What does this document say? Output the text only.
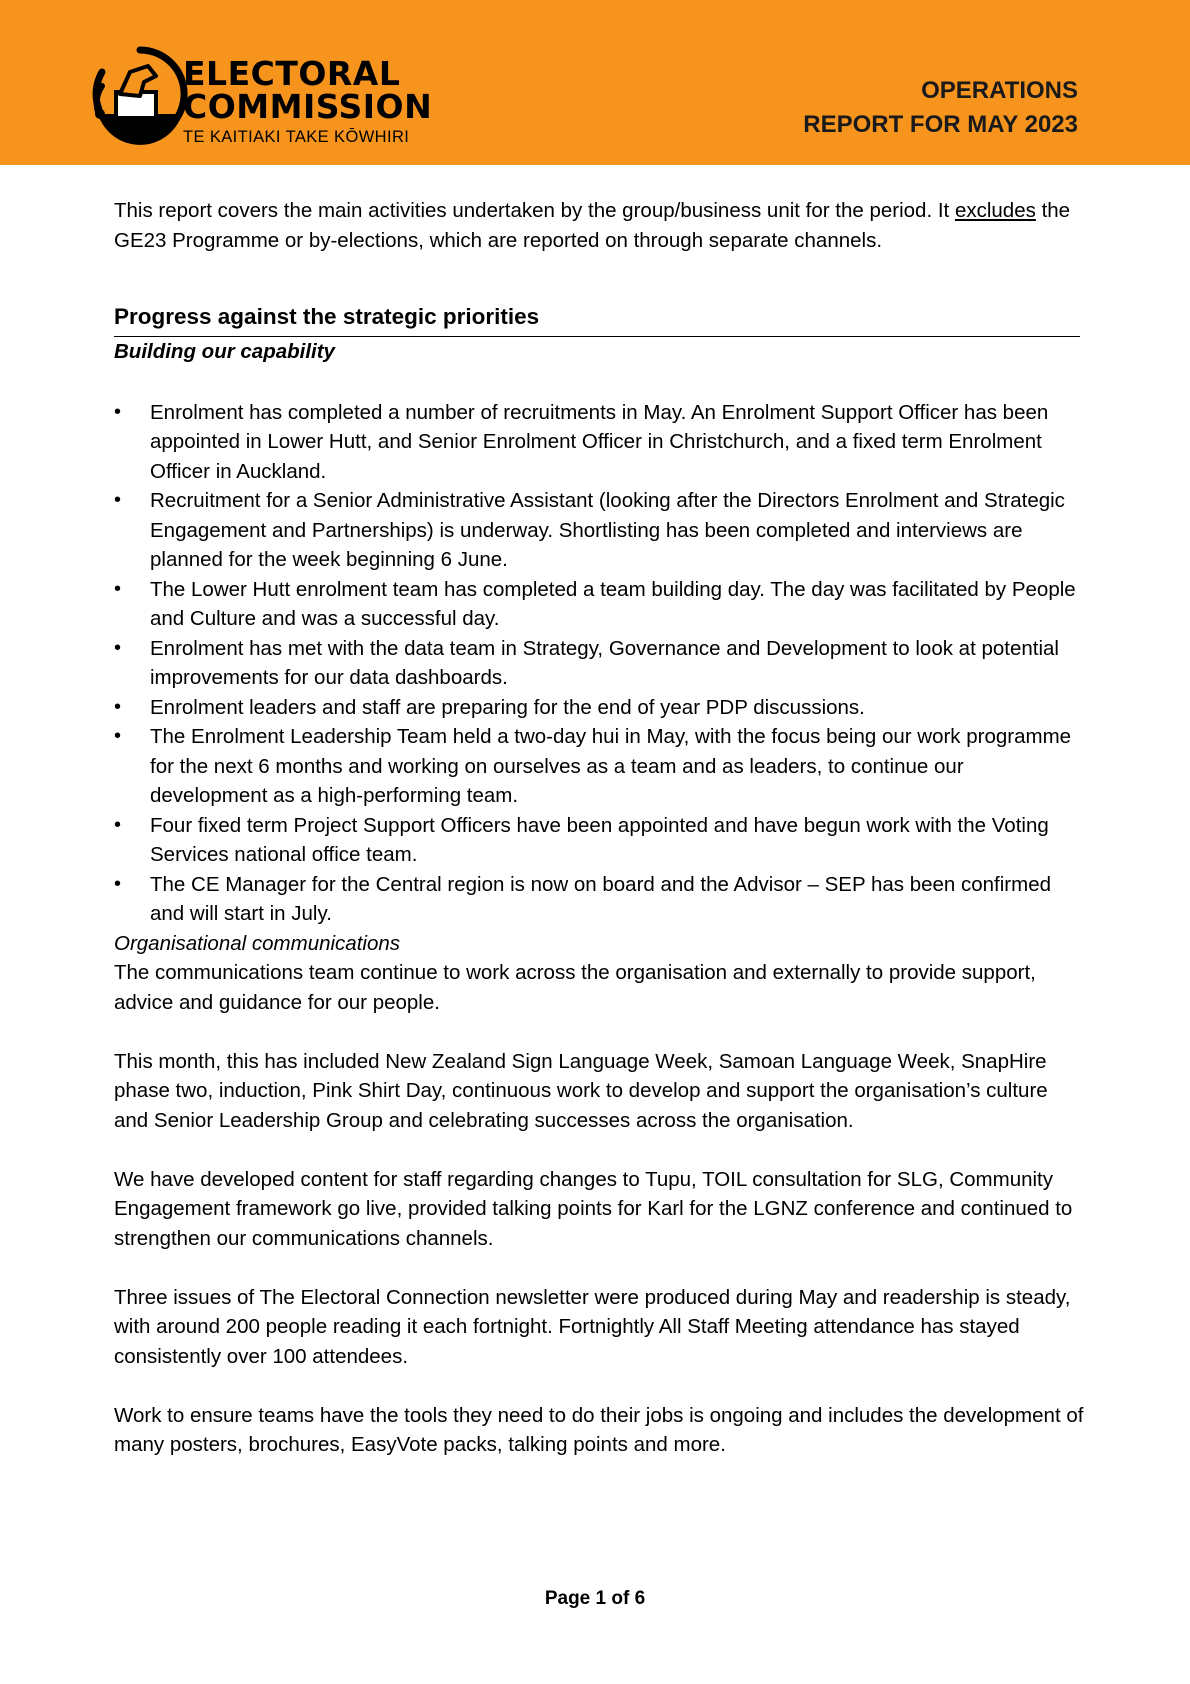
ELECTORAL
COMMISSION
TE KAITIAKI TAKE KŌWHIRI
OPERATIONS
REPORT FOR MAY 2023

This report covers the main activities undertaken by the group/business unit for the period. It excludes the GE23 Programme or by-elections, which are reported on through separate channels.

Progress against the strategic priorities

Building our capability

• Enrolment has completed a number of recruitments in May. An Enrolment Support Officer has been appointed in Lower Hutt, and Senior Enrolment Officer in Christchurch, and a fixed term Enrolment Officer in Auckland.
• Recruitment for a Senior Administrative Assistant (looking after the Directors Enrolment and Strategic Engagement and Partnerships) is underway. Shortlisting has been completed and interviews are planned for the week beginning 6 June.
• The Lower Hutt enrolment team has completed a team building day. The day was facilitated by People and Culture and was a successful day.
• Enrolment has met with the data team in Strategy, Governance and Development to look at potential improvements for our data dashboards.
• Enrolment leaders and staff are preparing for the end of year PDP discussions.
• The Enrolment Leadership Team held a two-day hui in May, with the focus being our work programme for the next 6 months and working on ourselves as a team and as leaders, to continue our development as a high-performing team.
• Four fixed term Project Support Officers have been appointed and have begun work with the Voting Services national office team.
• The CE Manager for the Central region is now on board and the Advisor – SEP has been confirmed and will start in July.

Organisational communications

The communications team continue to work across the organisation and externally to provide support, advice and guidance for our people.

This month, this has included New Zealand Sign Language Week, Samoan Language Week, SnapHire phase two, induction, Pink Shirt Day, continuous work to develop and support the organisation’s culture and Senior Leadership Group and celebrating successes across the organisation.

We have developed content for staff regarding changes to Tupu, TOIL consultation for SLG, Community Engagement framework go live, provided talking points for Karl for the LGNZ conference and continued to strengthen our communications channels.

Three issues of The Electoral Connection newsletter were produced during May and readership is steady, with around 200 people reading it each fortnight. Fortnightly All Staff Meeting attendance has stayed consistently over 100 attendees.

Work to ensure teams have the tools they need to do their jobs is ongoing and includes the development of many posters, brochures, EasyVote packs, talking points and more.

Page 1 of 6
